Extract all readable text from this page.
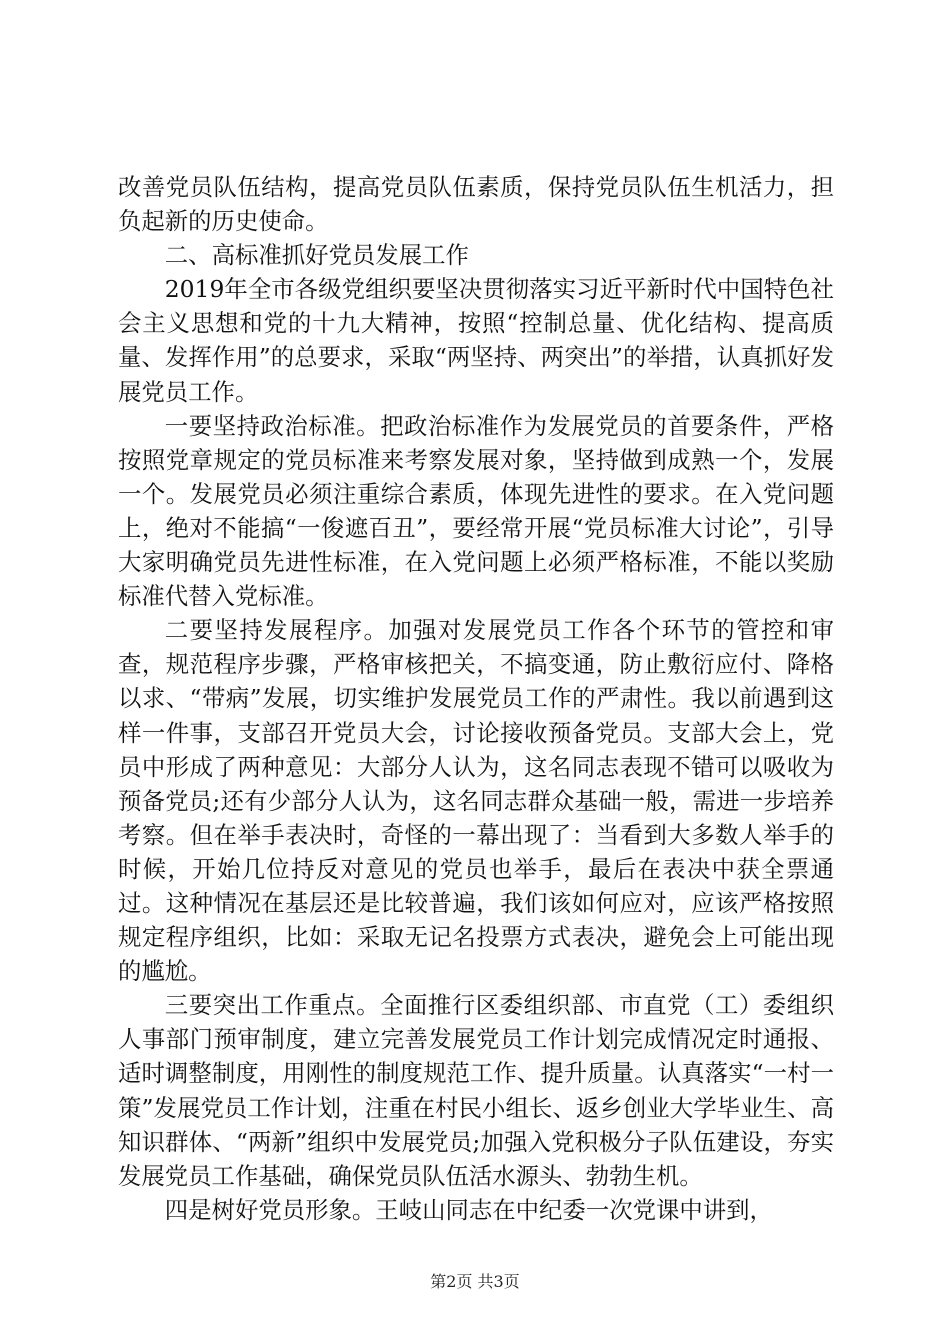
改善党员队伍结构，提高党员队伍素质，保持党员队伍生机活力，担负起新的历史使命。

二、高标准抓好党员发展工作

2019年全市各级党组织要坚决贯彻落实习近平新时代中国特色社会主义思想和党的十九大精神，按照“控制总量、优化结构、提高质量、发挥作用”的总要求，采取“两坚持、两突出”的举措，认真抓好发展党员工作。

一要坚持政治标准。把政治标准作为发展党员的首要条件，严格按照党章规定的党员标准来考察发展对象，坚持做到成熟一个，发展一个。发展党员必须注重综合素质，体现先进性的要求。在入党问题上，绝对不能搞“一俊遮百丑”，要经常开展“党员标准大讨论”，引导大家明确党员先进性标准，在入党问题上必须严格标准，不能以奖励标准代替入党标准。

二要坚持发展程序。加强对发展党员工作各个环节的管控和审查，规范程序步骤，严格审核把关，不搞变通，防止敷衍应付、降格以求、“带病”发展，切实维护发展党员工作的严肃性。我以前遇到这样一件事，支部召开党员大会，讨论接收预备党员。支部大会上，党员中形成了两种意见：大部分人认为，这名同志表现不错可以吸收为预备党员;还有少部分人认为，这名同志群众基础一般，需进一步培养考察。但在举手表决时，奇怪的一幕出现了：当看到大多数人举手的时候，开始几位持反对意见的党员也举手，最后在表决中获全票通过。这种情况在基层还是比较普遍，我们该如何应对，应该严格按照规定程序组织，比如：采取无记名投票方式表决，避免会上可能出现的尴尬。

三要突出工作重点。全面推行区委组织部、市直党（工）委组织人事部门预审制度，建立完善发展党员工作计划完成情况定时通报、适时调整制度，用刚性的制度规范工作、提升质量。认真落实“一村一策”发展党员工作计划，注重在村民小组长、返乡创业大学毕业生、高知识群体、“两新”组织中发展党员;加强入党积极分子队伍建设，夯实发展党员工作基础，确保党员队伍活水源头、勃勃生机。

四是树好党员形象。王岐山同志在中纪委一次党课中讲到，

第2页 共3页
